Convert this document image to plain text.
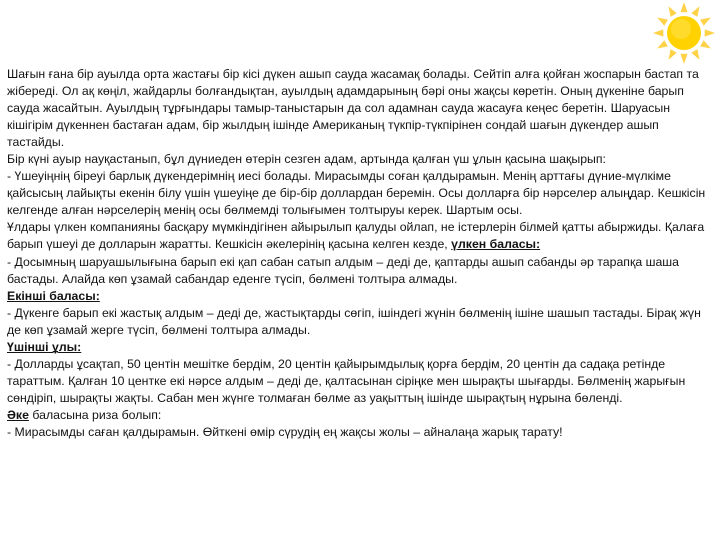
Шағын ғана бір ауылда орта жастағы бір кісі дүкен ашып сауда жасамақ болады. Сейтіп алға қойған жоспарын бастап та жібереді. Ол ақ көңіл, жайдарлы болғандықтан, ауылдың адамдарының бәрі оны жақсы көретін. Оның дүкеніне барып сауда жасайтын. Ауылдың тұрғындары тамыр-таныстарын да сол адамнан сауда жасауға кеңес беретін. Шаруасын кішігірім дүкеннен бастаған адам, бір жылдың ішінде Американың түкпір-түкпірінен сондай шағын дүкендер ашып тастайды.

Бір күні ауыр науқастанып, бұл дүниеден өтерін сезген адам, артында қалған үш ұлын қасына шақырып:

- Үшеуіңнің біреуі барлық дүкендерімнің иесі болады. Мирасымды соған қалдырамын. Менің арттағы дүние-мүлкіме қайсысың лайықты екенін білу үшін үшеуіңе де бір-бір доллардан беремін. Осы долларға бір нәрселер алыңдар. Кешкісін келгенде алған нәрселерің менің осы бөлмемді толығымен толтыруы керек. Шартым осы.

Ұлдары үлкен компанияны басқару мүмкіндігінен айырылып қалуды ойлап, не істерлерін білмей қатты абыржиды. Қалаға барып үшеуі де долларын жаратты. Кешкісін әкелерінің қасына келген кезде, үлкен баласы:

- Досымның шаруашылығына барып екі қап сабан сатып алдым – деді де, қаптарды ашып сабанды әр тарапқа шаша бастады. Алайда көп ұзамай сабандар еденге түсіп, бөлмені толтыра алмады.

Екінші баласы:

- Дүкенге барып екі жастық алдым – деді де, жастықтарды сөгіп, ішіндегі жүнін бөлменің ішіне шашып тастады. Бірақ жүн де көп ұзамай жерге түсіп, бөлмені толтыра алмады.

Үшінші ұлы:

- Долларды ұсақтап, 50 центін мешітке бердім, 20 центін қайырымдылық қорға бердім, 20 центін да садақа ретінде тараттым. Қалған 10 центке екі нәрсе алдым – деді де, қалтасынан сіріңке мен шырақты шығарды. Бөлменің жарығын сөндіріп, шырақты жақты. Сабан мен жүнге толмаған бөлме аз уақыттың ішінде шырақтың нұрына бөленді.

Әке баласына риза болып:

- Мирасымды саған қалдырамын. Өйткені өмір сүрудің ең жақсы жолы – айналаңа жарық тарату!
